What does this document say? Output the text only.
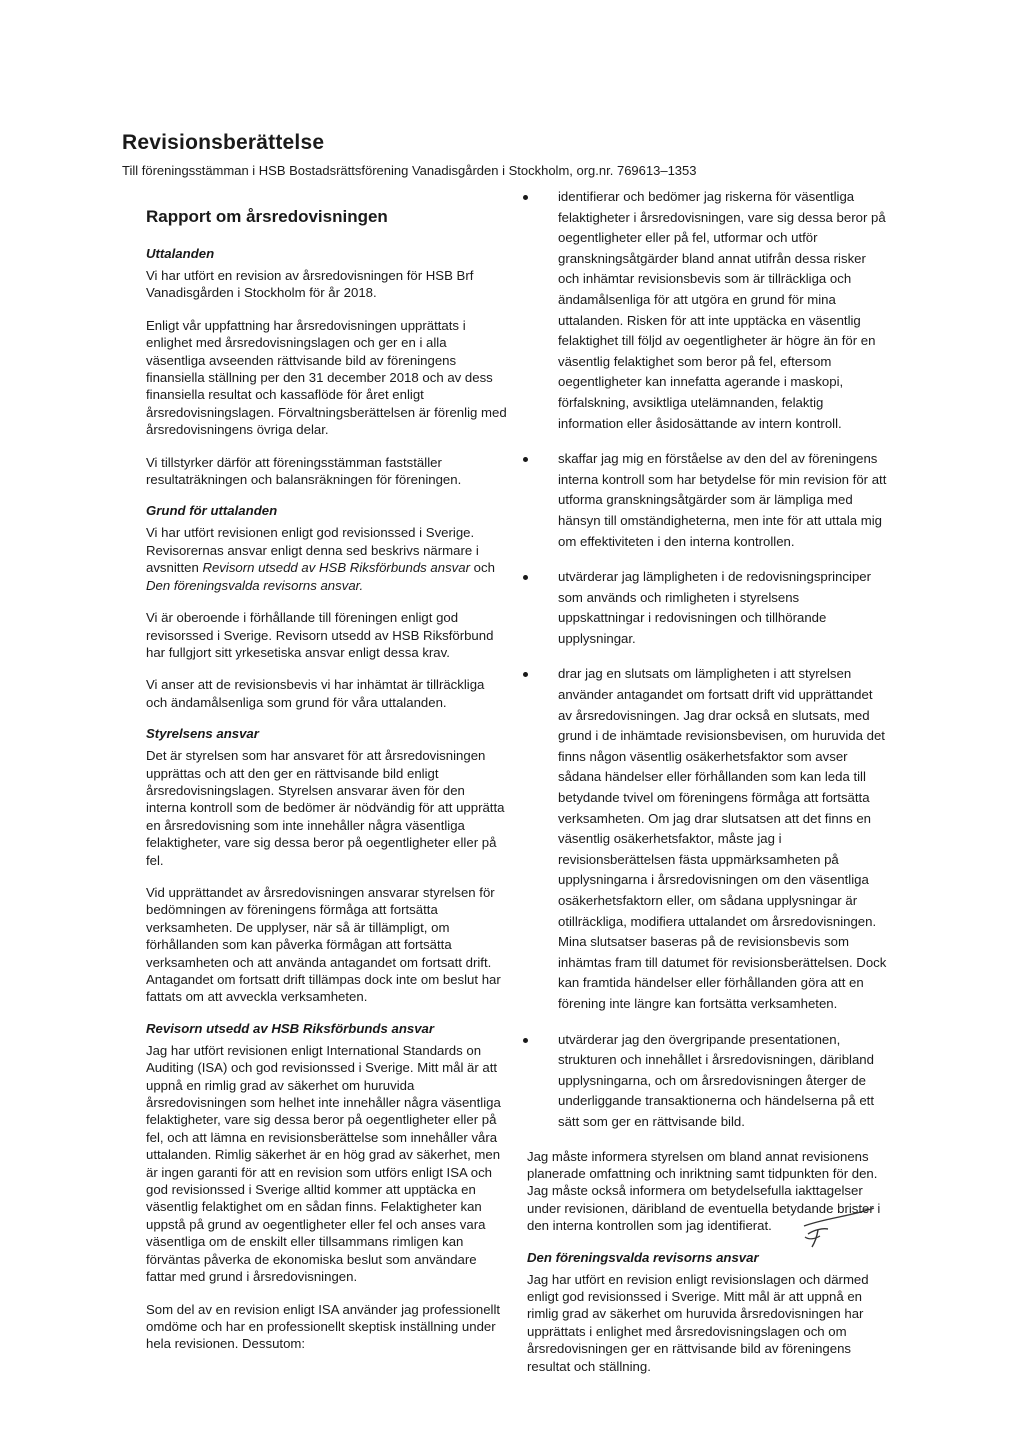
Revisionsberättelse

Till föreningsstämman i HSB Bostadsrättsförening Vanadisgården i Stockholm, org.nr. 769613–1353

Rapport om årsredovisningen
Uttalanden

Vi har utfört en revision av årsredovisningen för HSB Brf Vanadisgården i Stockholm för år 2018.

Enligt vår uppfattning har årsredovisningen upprättats i enlighet med årsredovisningslagen och ger en i alla väsentliga avseenden rättvisande bild av föreningens finansiella ställning per den 31 december 2018 och av dess finansiella resultat och kassaflöde för året enligt årsredovisningslagen. Förvaltningsberättelsen är förenlig med årsredovisningens övriga delar.

Vi tillstyrker därför att föreningsstämman fastställer resultaträkningen och balansräkningen för föreningen.

Grund för uttalanden

Vi har utfört revisionen enligt god revisionssed i Sverige. Revisorernas ansvar enligt denna sed beskrivs närmare i avsnitten Revisorn utsedd av HSB Riksförbunds ansvar och Den föreningsvalda revisorns ansvar.

Vi är oberoende i förhållande till föreningen enligt god revisorssed i Sverige. Revisorn utsedd av HSB Riksförbund har fullgjort sitt yrkesetiska ansvar enligt dessa krav.

Vi anser att de revisionsbevis vi har inhämtat är tillräckliga och ändamålsenliga som grund för våra uttalanden.

Styrelsens ansvar

Det är styrelsen som har ansvaret för att årsredovisningen upprättas och att den ger en rättvisande bild enligt årsredovisningslagen. Styrelsen ansvarar även för den interna kontroll som de bedömer är nödvändig för att upprätta en årsredovisning som inte innehåller några väsentliga felaktigheter, vare sig dessa beror på oegentligheter eller på fel.

Vid upprättandet av årsredovisningen ansvarar styrelsen för bedömningen av föreningens förmåga att fortsätta verksamheten. De upplyser, när så är tillämpligt, om förhållanden som kan påverka förmågan att fortsätta verksamheten och att använda antagandet om fortsatt drift. Antagandet om fortsatt drift tillämpas dock inte om beslut har fattats om att avveckla verksamheten.

Revisorn utsedd av HSB Riksförbunds ansvar

Jag har utfört revisionen enligt International Standards on Auditing (ISA) och god revisionssed i Sverige. Mitt mål är att uppnå en rimlig grad av säkerhet om huruvida årsredovisningen som helhet inte innehåller några väsentliga felaktigheter, vare sig dessa beror på oegentligheter eller på fel, och att lämna en revisionsberättelse som innehåller våra uttalanden. Rimlig säkerhet är en hög grad av säkerhet, men är ingen garanti för att en revision som utförs enligt ISA och god revisionssed i Sverige alltid kommer att upptäcka en väsentlig felaktighet om en sådan finns. Felaktigheter kan uppstå på grund av oegentligheter eller fel och anses vara väsentliga om de enskilt eller tillsammans rimligen kan förväntas påverka de ekonomiska beslut som användare fattar med grund i årsredovisningen.

Som del av en revision enligt ISA använder jag professionellt omdöme och har en professionellt skeptisk inställning under hela revisionen. Dessutom:

identifierar och bedömer jag riskerna för väsentliga felaktigheter i årsredovisningen, vare sig dessa beror på oegentligheter eller på fel, utformar och utför granskningsåtgärder bland annat utifrån dessa risker och inhämtar revisionsbevis som är tillräckliga och ändamålsenliga för att utgöra en grund för mina uttalanden. Risken för att inte upptäcka en väsentlig felaktighet till följd av oegentligheter är högre än för en väsentlig felaktighet som beror på fel, eftersom oegentligheter kan innefatta agerande i maskopi, förfalskning, avsiktliga utelämnanden, felaktig information eller åsidosättande av intern kontroll.
skaffar jag mig en förståelse av den del av föreningens interna kontroll som har betydelse för min revision för att utforma granskningsåtgärder som är lämpliga med hänsyn till omständigheterna, men inte för att uttala mig om effektiviteten i den interna kontrollen.
utvärderar jag lämpligheten i de redovisningsprinciper som används och rimligheten i styrelsens uppskattningar i redovisningen och tillhörande upplysningar.
drar jag en slutsats om lämpligheten i att styrelsen använder antagandet om fortsatt drift vid upprättandet av årsredovisningen. Jag drar också en slutsats, med grund i de inhämtade revisionsbevisen, om huruvida det finns någon väsentlig osäkerhetsfaktor som avser sådana händelser eller förhållanden som kan leda till betydande tvivel om föreningens förmåga att fortsätta verksamheten. Om jag drar slutsatsen att det finns en väsentlig osäkerhetsfaktor, måste jag i revisionsberättelsen fästa uppmärksamheten på upplysningarna i årsredovisningen om den väsentliga osäkerhetsfaktorn eller, om sådana upplysningar är otillräckliga, modifiera uttalandet om årsredovisningen. Mina slutsatser baseras på de revisionsbevis som inhämtas fram till datumet för revisionsberättelsen. Dock kan framtida händelser eller förhållanden göra att en förening inte längre kan fortsätta verksamheten.
utvärderar jag den övergripande presentationen, strukturen och innehållet i årsredovisningen, däribland upplysningarna, och om årsredovisningen återger de underliggande transaktionerna och händelserna på ett sätt som ger en rättvisande bild.

Jag måste informera styrelsen om bland annat revisionens planerade omfattning och inriktning samt tidpunkten för den. Jag måste också informera om betydelsefulla iakttagelser under revisionen, däribland de eventuella betydande brister i den interna kontrollen som jag identifierat.

Den föreningsvalda revisorns ansvar

Jag har utfört en revision enligt revisionslagen och därmed enligt god revisionssed i Sverige. Mitt mål är att uppnå en rimlig grad av säkerhet om huruvida årsredovisningen har upprättats i enlighet med årsredovisningslagen och om årsredovisningen ger en rättvisande bild av föreningens resultat och ställning.
